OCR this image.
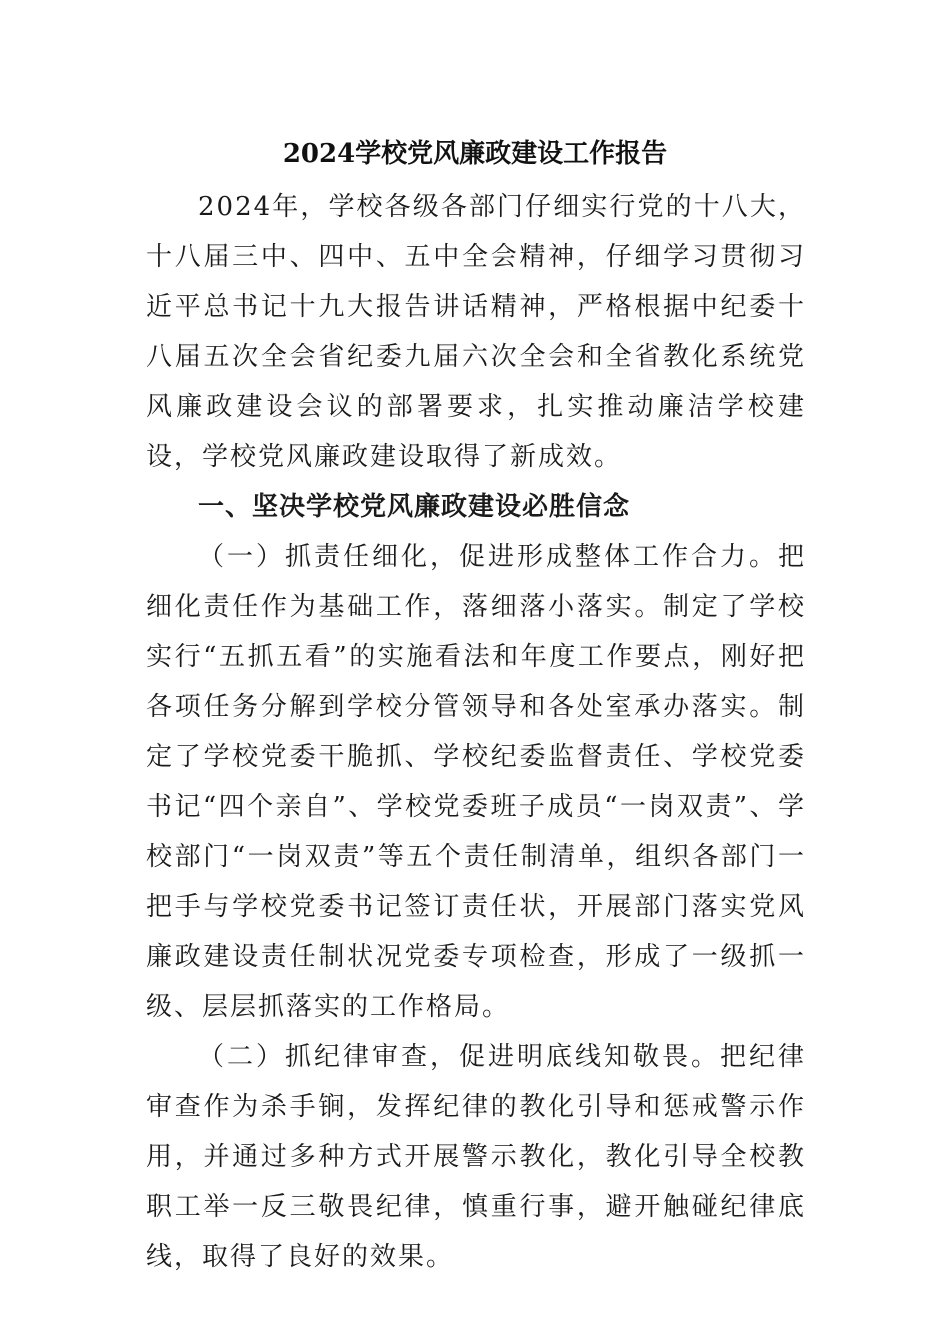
2024学校党风廉政建设工作报告

2024年，学校各级各部门仔细实行党的十八大，十八届三中、四中、五中全会精神，仔细学习贯彻习近平总书记十九大报告讲话精神，严格根据中纪委十八届五次全会省纪委九届六次全会和全省教化系统党风廉政建设会议的部署要求，扎实推动廉洁学校建设，学校党风廉政建设取得了新成效。

一、坚决学校党风廉政建设必胜信念

（一）抓责任细化，促进形成整体工作合力。把细化责任作为基础工作，落细落小落实。制定了学校实行“五抓五看”的实施看法和年度工作要点，刚好把各项任务分解到学校分管领导和各处室承办落实。制定了学校党委干脆抓、学校纪委监督责任、学校党委书记“四个亲自”、学校党委班子成员“一岗双责”、学校部门“一岗双责”等五个责任制清单，组织各部门一把手与学校党委书记签订责任状，开展部门落实党风廉政建设责任制状况党委专项检查，形成了一级抓一级、层层抓落实的工作格局。

（二）抓纪律审查，促进明底线知敬畏。把纪律审查作为杀手锏，发挥纪律的教化引导和惩戒警示作用，并通过多种方式开展警示教化，教化引导全校教职工举一反三敬畏纪律，慎重行事，避开触碰纪律底线，取得了良好的效果。
